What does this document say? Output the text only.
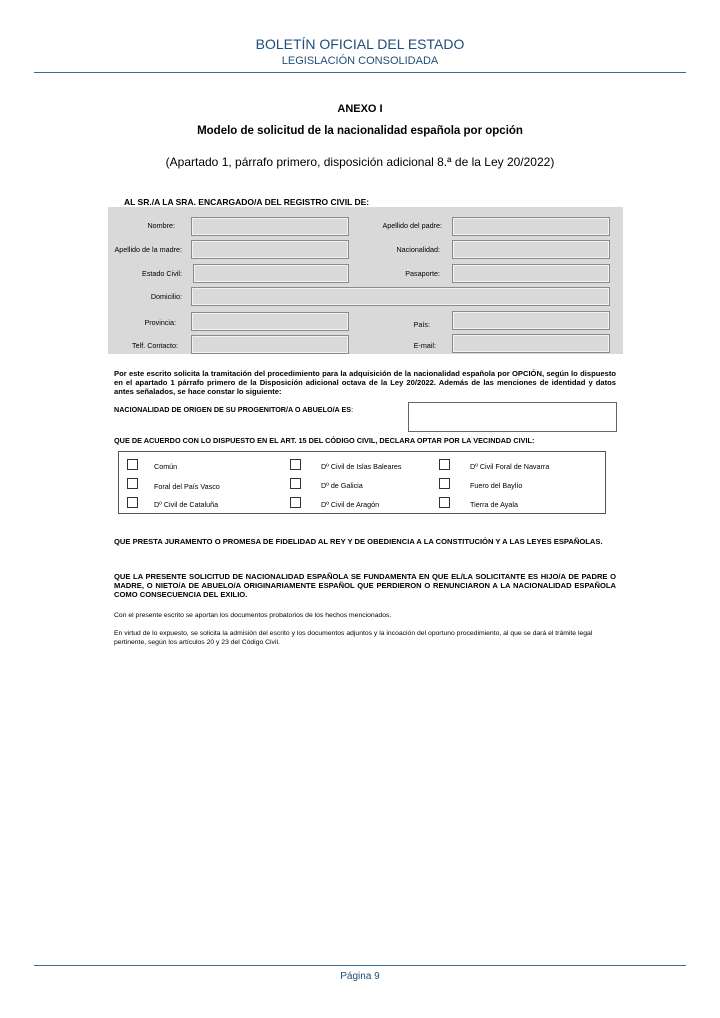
BOLETÍN OFICIAL DEL ESTADO
LEGISLACIÓN CONSOLIDADA
ANEXO I
Modelo de solicitud de la nacionalidad española por opción
(Apartado 1, párrafo primero, disposición adicional 8.ª de la Ley 20/2022)
AL SR./A LA SRA. ENCARGADO/A DEL REGISTRO CIVIL DE:
Nombre:	Apellido del padre:
Apellido de la madre:	Nacionalidad:
Estado Civil:	Pasaporte:
Domicilio:
Provincia:	País:
Telf. Contacto:	E-mail:
Por este escrito solicita la tramitación del procedimiento para la adquisición de la nacionalidad española por OPCIÓN, según lo dispuesto en el apartado 1 párrafo primero de la Disposición adicional octava de la Ley 20/2022. Además de las menciones de identidad y datos antes señalados, se hace constar lo siguiente:
NACIONALIDAD DE ORIGEN DE SU PROGENITOR/A O ABUELO/A ES:
QUE DE ACUERDO CON LO DISPUESTO EN EL ART. 15 DEL CÓDIGO CIVIL, DECLARA OPTAR POR LA VECINDAD CIVIL:
Común	Dº Civil de Islas Baleares	Dº Civil Foral de Navarra
Foral del País Vasco	Dº de Galicia	Fuero del Baylío
Dº Civil de Cataluña	Dº Civil de Aragón	Tierra de Ayala
QUE PRESTA JURAMENTO O PROMESA DE FIDELIDAD AL REY Y DE OBEDIENCIA A LA CONSTITUCIÓN Y A LAS LEYES ESPAÑOLAS.
QUE LA PRESENTE SOLICITUD DE NACIONALIDAD ESPAÑOLA SE FUNDAMENTA EN QUE EL/LA SOLICITANTE ES HIJO/A DE PADRE O MADRE, O NIETO/A DE ABUELO/A ORIGINARIAMENTE ESPAÑOL QUE PERDIERON O RENUNCIARON A LA NACIONALIDAD ESPAÑOLA COMO CONSECUENCIA DEL EXILIO.
Con el presente escrito se aportan los documentos probatorios de los hechos mencionados.
En virtud de lo expuesto, se solicita la admisión del escrito y los documentos adjuntos y la incoación del oportuno procedimiento, al que se dará el trámite legal pertinente, según los artículos 20 y 23 del Código Civil.
Página 9
